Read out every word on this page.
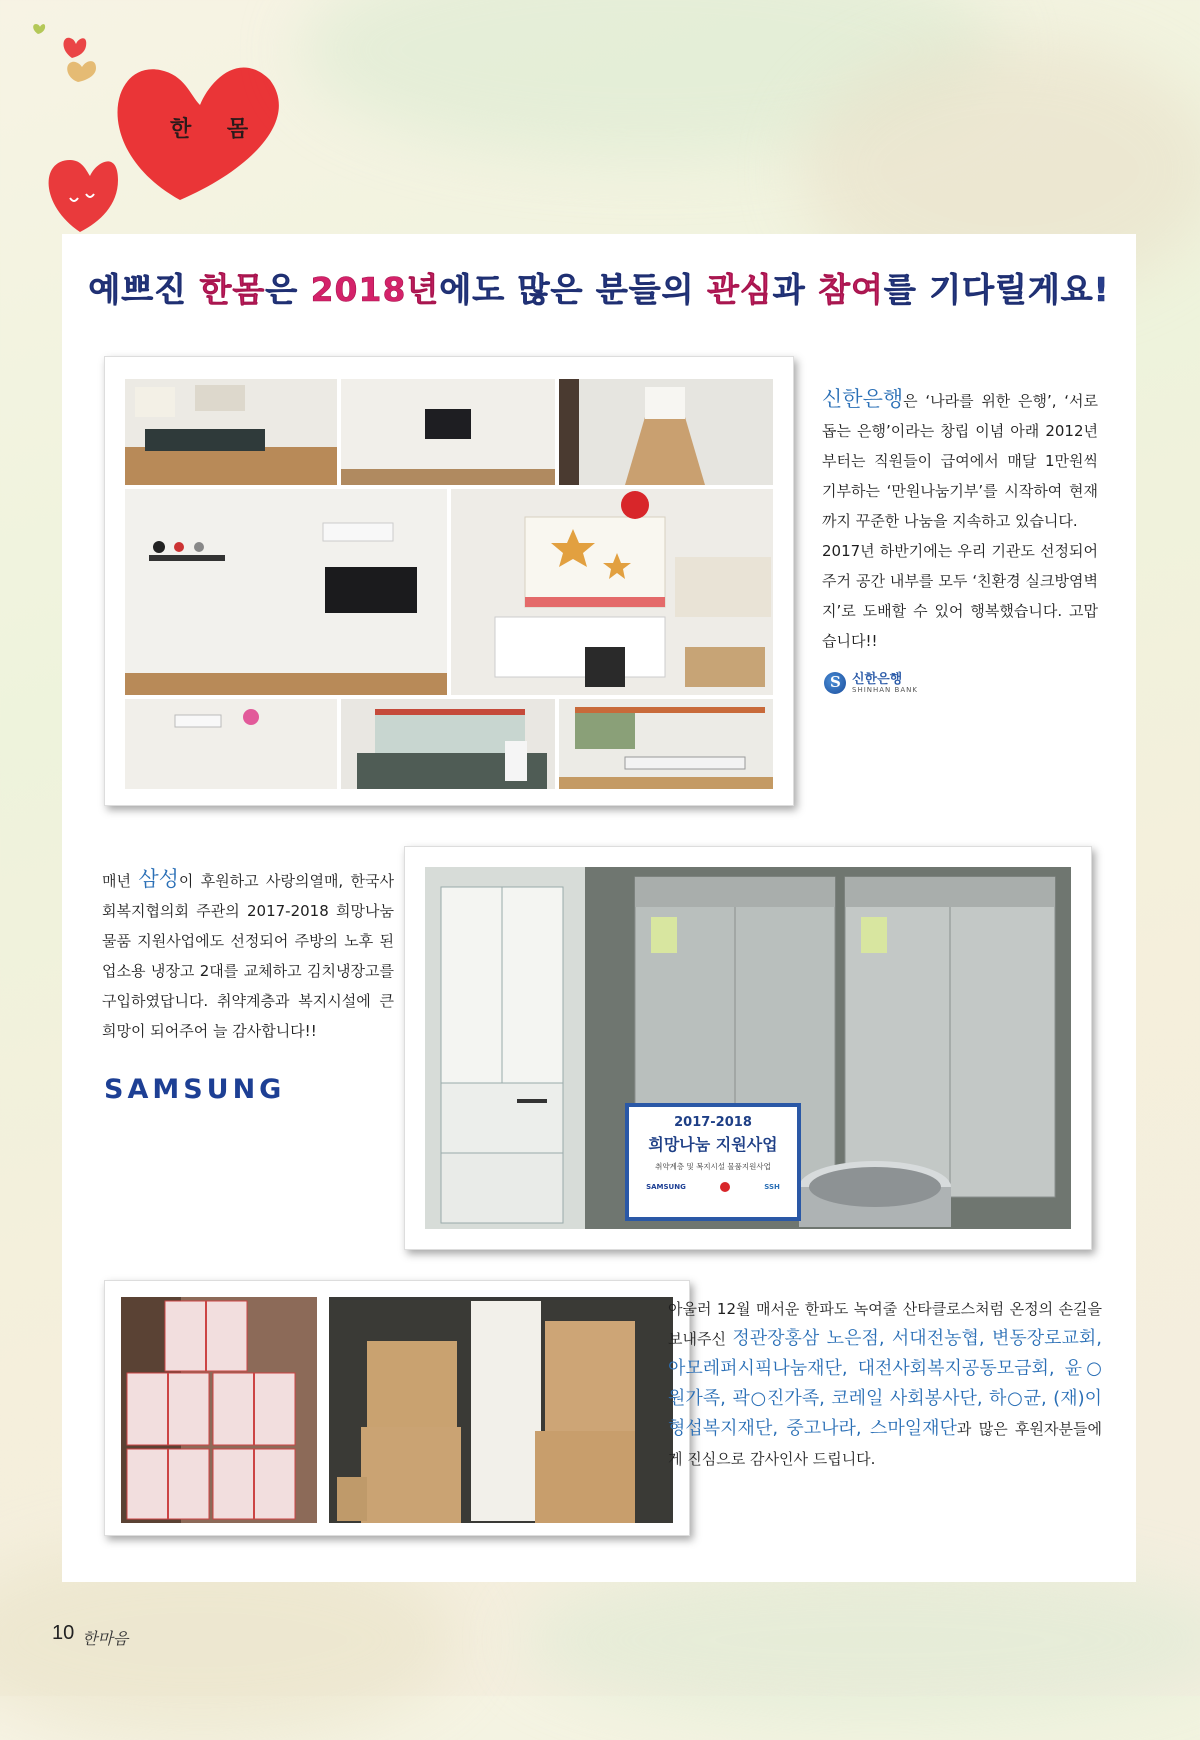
한 몸
예쁘진 한몸은 2018년에도 많은 분들의 관심과 참여를 기다릴게요!
신한은행은 ‘나라를 위한 은행’, ‘서로 돕는 은행’이라는 창립 이념 아래 2012년부터는 직원들이 급여에서 매달 1만원씩 기부하는 ‘만원나눔기부’를 시작하여 현재까지 꾸준한 나눔을 지속하고 있습니다.
2017년 하반기에는 우리 기관도 선정되어 주거 공간 내부를 모두 ‘친환경 실크방염벽지’로 도배할 수 있어 행복했습니다. 고맙습니다!!
S
신한은행
SHINHAN BANK
매년 삼성이 후원하고 사랑의열매, 한국사회복지협의회 주관의 2017-2018 희망나눔 물품 지원사업에도 선정되어 주방의 노후 된 업소용 냉장고 2대를 교체하고 김치냉장고를 구입하였답니다. 취약계층과 복지시설에 큰 희망이 되어주어 늘 감사합니다!!
SAMSUNG
2017-2018
희망나눔 지원사업
취약계층 및 복지시설 물품지원사업
SAMSUNG	SSH
아울러 12월 매서운 한파도 녹여줄 산타클로스처럼 온정의 손길을 보내주신 정관장홍삼 노은점, 서대전농협, 변동장로교회, 아모레퍼시픽나눔재단, 대전사회복지공동모금회, 윤○원가족, 곽○진가족, 코레일 사회봉사단, 하○균, (재)이형섭복지재단, 중고나라, 스마일재단과 많은 후원자분들에게 진심으로 감사인사 드립니다.
10 한마음
